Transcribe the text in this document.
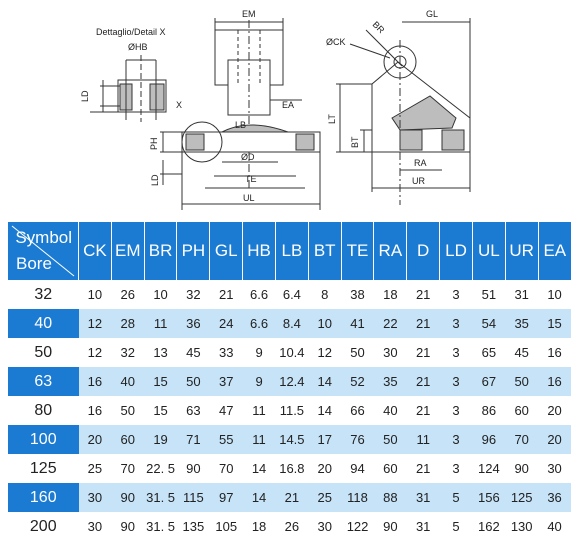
Dettaglio/Detail X
ØHB
LD
X
EM
EA
PH
LD
LB
ØD
TE
UL
BR
GL
ØCK
LT
BT
RA
UR
Symbol
Bore	CK	EM	BR	PH	GL	HB	LB	BT	TE	RA	D	LD	UL	UR	EA
32	10	26	10	32	21	6.6	6.4	8	38	18	21	3	51	31	10
40	12	28	11	36	24	6.6	8.4	10	41	22	21	3	54	35	15
50	12	32	13	45	33	9	10.4	12	50	30	21	3	65	45	16
63	16	40	15	50	37	9	12.4	14	52	35	21	3	67	50	16
80	16	50	15	63	47	11	11.5	14	66	40	21	3	86	60	20
100	20	60	19	71	55	11	14.5	17	76	50	11	3	96	70	20
125	25	70	22. 5	90	70	14	16.8	20	94	60	21	3	124	90	30
160	30	90	31. 5	115	97	14	21	25	118	88	31	5	156	125	36
200	30	90	31. 5	135	105	18	26	30	122	90	31	5	162	130	40
